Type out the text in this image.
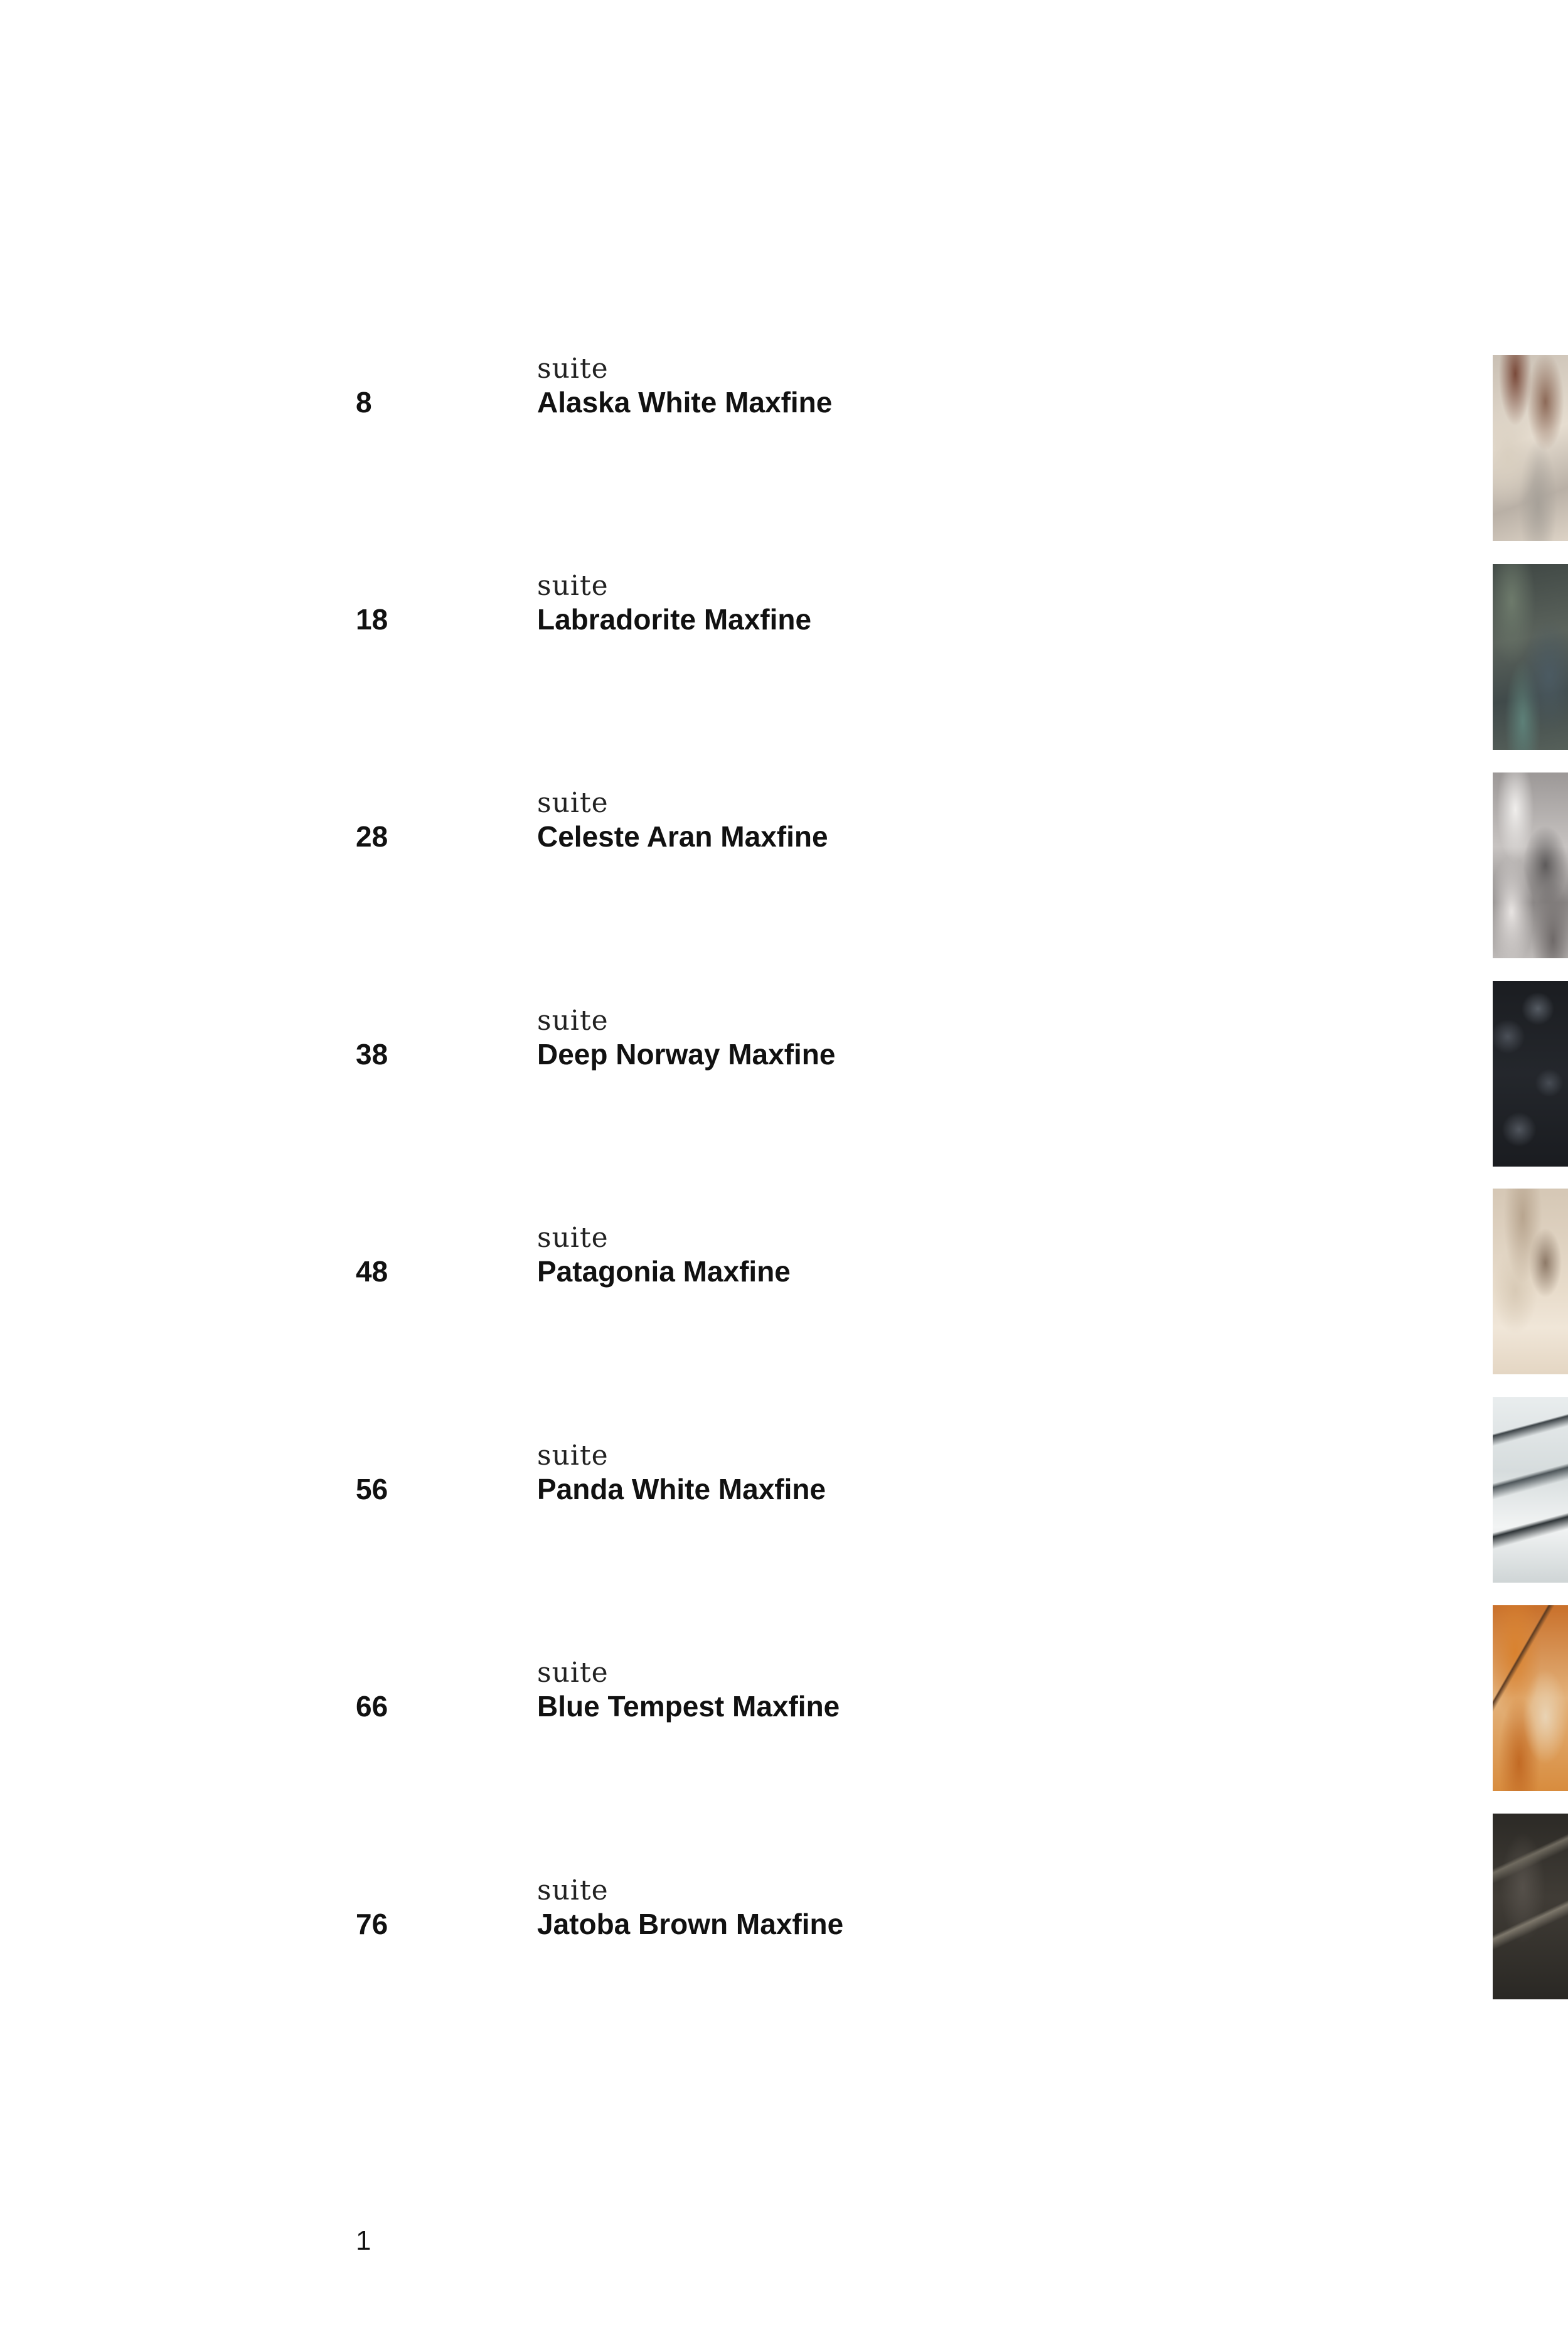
suite
8	Alaska White Maxfine
suite
18	Labradorite Maxfine
suite
28	Celeste Aran Maxfine
suite
38	Deep Norway Maxfine
suite
48	Patagonia Maxfine
suite
56	Panda White Maxfine
suite
66	Blue Tempest Maxfine
suite
76	Jatoba Brown Maxfine
1
